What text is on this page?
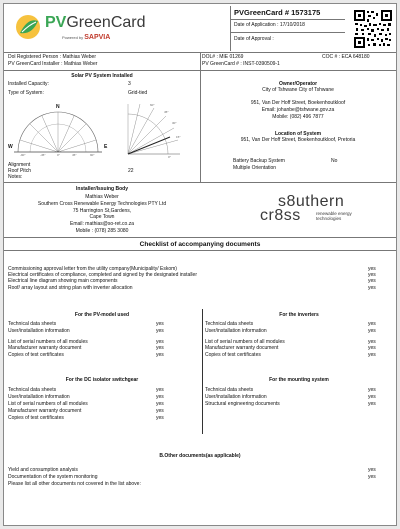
PVGreenCard
Powered by SAPVIA
PVGreenCard # 1573175
Date of Application : 17/10/2018
Date of Approval :
Dol Registered Person : Mathias Weber
PV GreenCard Installer : Mathias Weber
DOL# : MIE 01269
PV GreenCard # : INST-0390509-1
COC # : ECA 648180
Solar PV System Installed
Installed Capacity:	3
Type of System:	Grid-tied
-90°	-45°	0°	45°	90°
N
W	E
0°
15°
30°
45°
60°
Alignment
Roof Pitch	22
Notes:
Owner/Operator
City of Tshwane City of Tshwane
951, Van Der Hoff Street, Boekenhoutkloof
Email: johanbe@tshwane.gov.za
Mobile: (082) 496 7877
Location of System
951, Van Der Hoff Street, Boekenhoutkloof, Pretoria
Battery Backup System	No
Multiple Orientation
Installer/Issuing Body
Mathias Weber
Southern Cross Renewable Energy Technologies PTY Ltd
75 Harrington St,Gardens,
Cape Town
Email: mathias@so-ret.co.za
Mobile : (078) 285 3080
s8uthern
cr8ss	renewable energy
technologies
Checklist of accompanying documents
Commissioning approval letter from the utility company(Municipality/ Eskom)	yes
Electrical certificates of compliance, completed and signed by the designated installer	yes
Electrical line diagram showing main components	yes
Roof/ array layout and string plan with inverter allocation	yes
For the PV-model used
Technical data sheets	yes
User/installation information	yes
List of serial numbers of all modules	yes
Manufacturer warranty document	yes
Copies of test certificates	yes
For the inverters
Technical data sheets	yes
User/installation information	yes
List of serial numbers of all modules	yes
Manufacturer warranty document	yes
Copies of test certificates	yes
For the DC isolator switchgear
Technical data sheets	yes
User/installation information	yes
List of serial numbers of all modules	yes
Manufacturer warranty document	yes
Copies of test certificates	yes
For the mounting system
Technical data sheets	yes
User/installation information	yes
Structural engineering documents	yes
B.Other documents(as applicable)
Yield and consumption analysis	yes
Documentation of the system monitoring	yes
Please list all other documents not covered in the list above:
